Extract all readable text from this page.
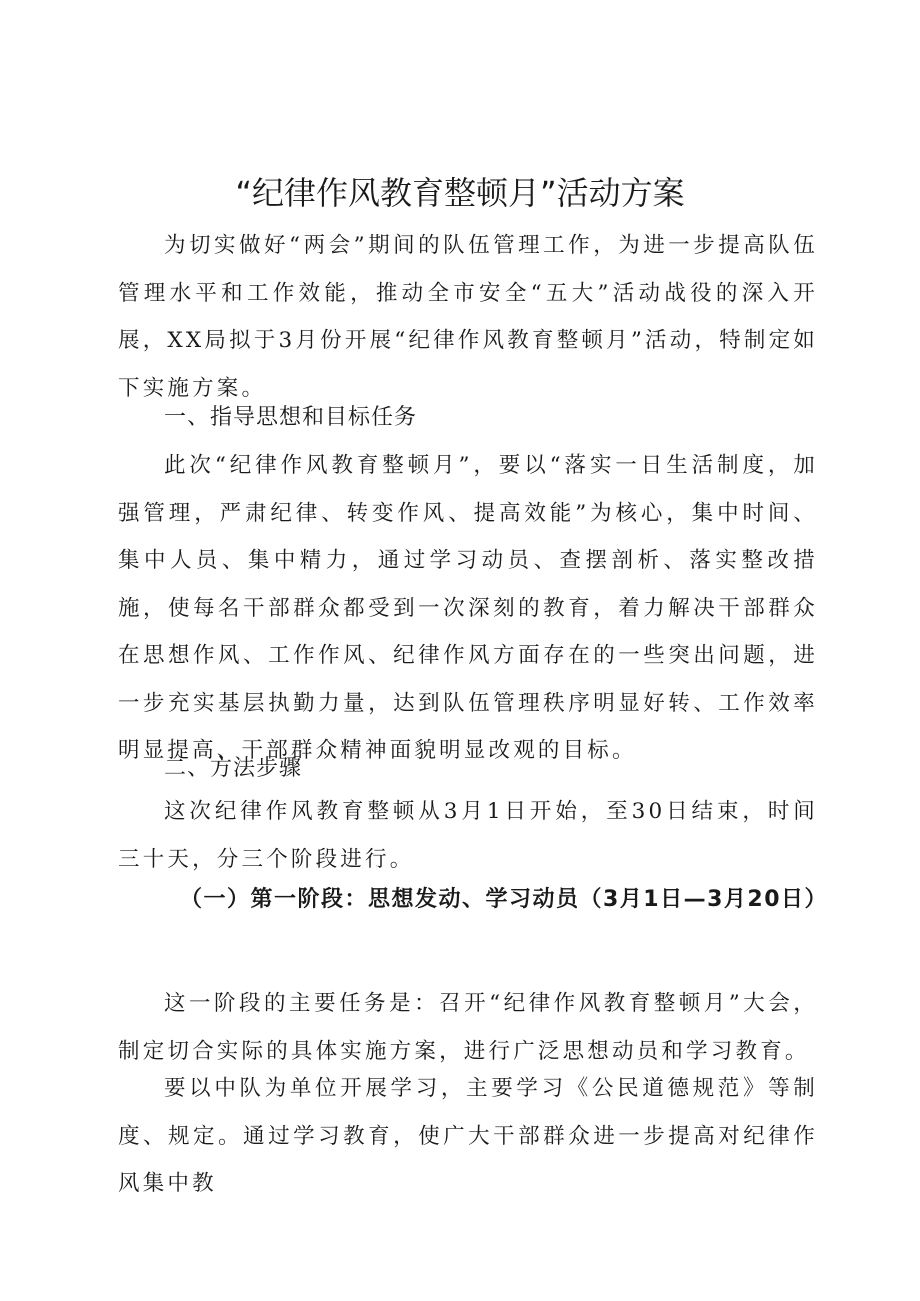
“纪律作风教育整顿月”活动方案

为切实做好“两会”期间的队伍管理工作，为进一步提高队伍管理水平和工作效能，推动全市安全“五大”活动战役的深入开展，XX局拟于3月份开展“纪律作风教育整顿月”活动，特制定如下实施方案。

一、指导思想和目标任务

此次“纪律作风教育整顿月”，要以“落实一日生活制度，加强管理，严肃纪律、转变作风、提高效能”为核心，集中时间、集中人员、集中精力，通过学习动员、查摆剖析、落实整改措施，使每名干部群众都受到一次深刻的教育，着力解决干部群众在思想作风、工作作风、纪律作风方面存在的一些突出问题，进一步充实基层执勤力量，达到队伍管理秩序明显好转、工作效率明显提高、干部群众精神面貌明显改观的目标。

二、方法步骤

这次纪律作风教育整顿从3月1日开始，至30日结束，时间三十天，分三个阶段进行。

（一）第一阶段：思想发动、学习动员（3月1日—3月20日）

这一阶段的主要任务是：召开“纪律作风教育整顿月”大会，制定切合实际的具体实施方案，进行广泛思想动员和学习教育。

要以中队为单位开展学习，主要学习《公民道德规范》等制度、规定。通过学习教育，使广大干部群众进一步提高对纪律作风集中教
